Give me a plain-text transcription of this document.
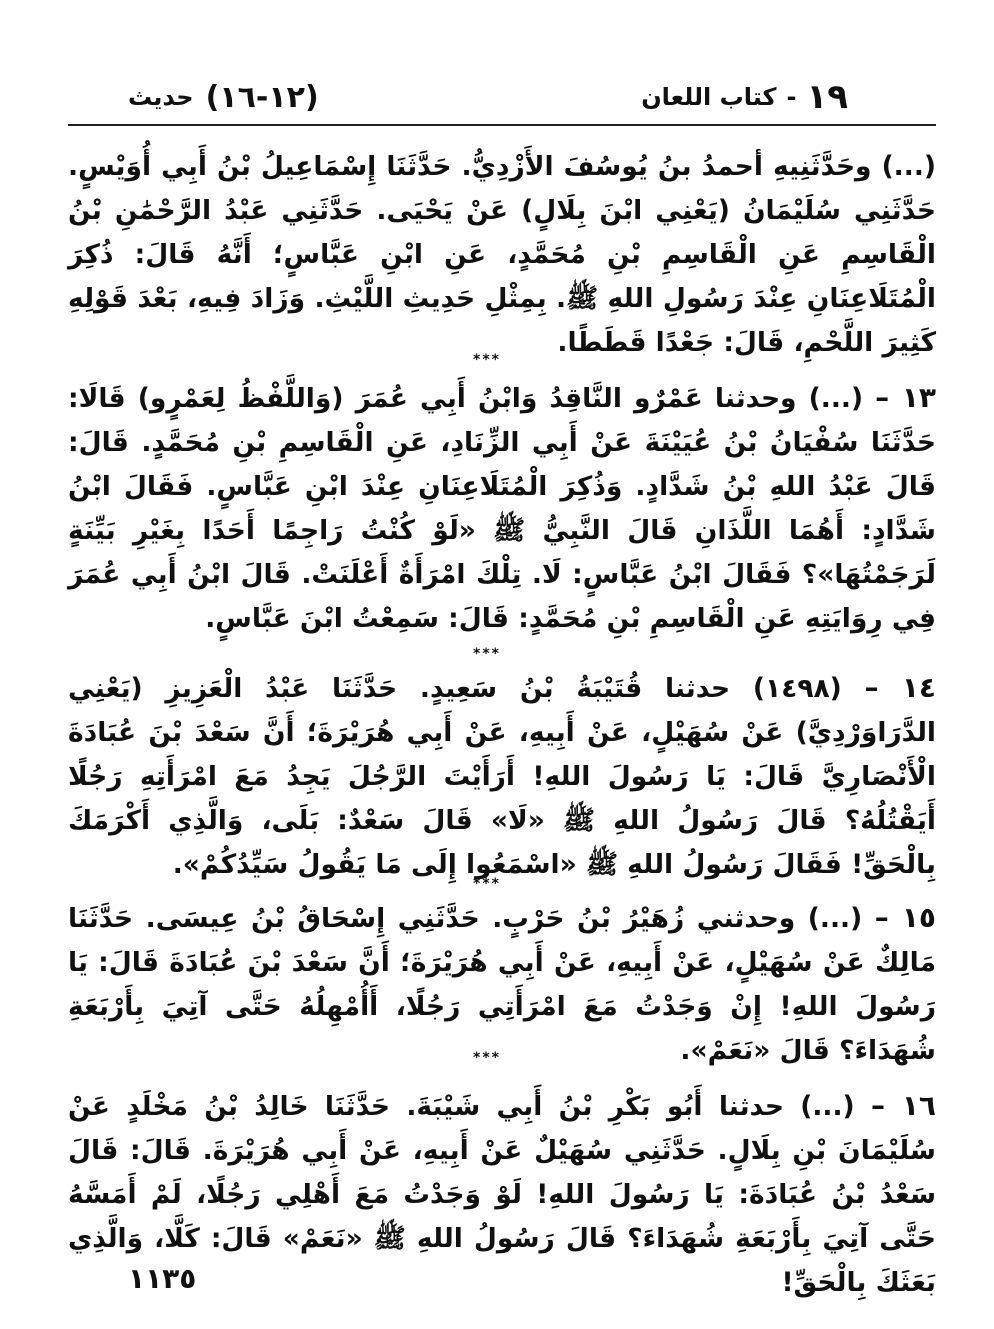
١٩
-
كتاب اللعان
(١٢-١٦)
حديث

(...) وحَدَّثَنِيهِ أحمدُ بنُ يُوسُفَ الأَزْدِيُّ. حَدَّثَنَا إِسْمَاعِيلُ بْنُ أَبِي أُوَيْسٍ. حَدَّثَنِي سُلَيْمَانُ (يَعْنِي ابْنَ بِلَالٍ) عَنْ يَحْيَى. حَدَّثَنِي عَبْدُ الرَّحْمَٰنِ بْنُ الْقَاسِمِ عَنِ الْقَاسِمِ بْنِ مُحَمَّدٍ، عَنِ ابْنِ عَبَّاسٍ؛ أَنَّهُ قَالَ: ذُكِرَ الْمُتَلَاعِنَانِ عِنْدَ رَسُولِ اللهِ ﷺ. بِمِثْلِ حَدِيثِ اللَّيْثِ. وَزَادَ فِيهِ، بَعْدَ قَوْلِهِ كَثِيرَ اللَّحْمِ، قَالَ: جَعْدًا قَطَطًا.

***

١٣ – (...) وحدثنا عَمْرٌو النَّاقِدُ وَابْنُ أَبِي عُمَرَ (وَاللَّفْظُ لِعَمْرٍو) قَالَا: حَدَّثَنَا سُفْيَانُ بْنُ عُيَيْنَةَ عَنْ أَبِي الزِّنَادِ، عَنِ الْقَاسِمِ بْنِ مُحَمَّدٍ. قَالَ: قَالَ عَبْدُ اللهِ بْنُ شَدَّادٍ. وَذُكِرَ الْمُتَلَاعِنَانِ عِنْدَ ابْنِ عَبَّاسٍ. فَقَالَ ابْنُ شَدَّادٍ: أَهُمَا اللَّذَانِ قَالَ النَّبِيُّ ﷺ «لَوْ كُنْتُ رَاجِمًا أَحَدًا بِغَيْرِ بَيِّنَةٍ لَرَجَمْتُهَا»؟ فَقَالَ ابْنُ عَبَّاسٍ: لَا. تِلْكَ امْرَأَةٌ أَعْلَنَتْ. قَالَ ابْنُ أَبِي عُمَرَ فِي رِوَايَتِهِ عَنِ الْقَاسِمِ بْنِ مُحَمَّدٍ: قَالَ: سَمِعْتُ ابْنَ عَبَّاسٍ.

***

١٤ – (١٤٩٨) حدثنا قُتَيْبَةُ بْنُ سَعِيدٍ. حَدَّثَنَا عَبْدُ الْعَزِيزِ (يَعْنِي الدَّرَاوَرْدِيَّ) عَنْ سُهَيْلٍ، عَنْ أَبِيهِ، عَنْ أَبِي هُرَيْرَةَ؛ أَنَّ سَعْدَ بْنَ عُبَادَةَ الْأَنْصَارِيَّ قَالَ: يَا رَسُولَ اللهِ! أَرَأَيْتَ الرَّجُلَ يَجِدُ مَعَ امْرَأَتِهِ رَجُلًا أَيَقْتُلُهُ؟ قَالَ رَسُولُ اللهِ ﷺ «لَا» قَالَ سَعْدٌ: بَلَى، وَالَّذِي أَكْرَمَكَ بِالْحَقِّ! فَقَالَ رَسُولُ اللهِ ﷺ «اسْمَعُوا إِلَى مَا يَقُولُ سَيِّدُكُمْ».

***

١٥ – (...) وحدثني زُهَيْرُ بْنُ حَرْبٍ. حَدَّثَنِي إِسْحَاقُ بْنُ عِيسَى. حَدَّثَنَا مَالِكٌ عَنْ سُهَيْلٍ، عَنْ أَبِيهِ، عَنْ أَبِي هُرَيْرَةَ؛ أَنَّ سَعْدَ بْنَ عُبَادَةَ قَالَ: يَا رَسُولَ اللهِ! إِنْ وَجَدْتُ مَعَ امْرَأَتِي رَجُلًا، أَأُمْهِلُهُ حَتَّى آتِيَ بِأَرْبَعَةِ شُهَدَاءَ؟ قَالَ «نَعَمْ».

***

١٦ – (...) حدثنا أَبُو بَكْرِ بْنُ أَبِي شَيْبَةَ. حَدَّثَنَا خَالِدُ بْنُ مَخْلَدٍ عَنْ سُلَيْمَانَ بْنِ بِلَالٍ. حَدَّثَنِي سُهَيْلٌ عَنْ أَبِيهِ، عَنْ أَبِي هُرَيْرَةَ. قَالَ: قَالَ سَعْدُ بْنُ عُبَادَةَ: يَا رَسُولَ اللهِ! لَوْ وَجَدْتُ مَعَ أَهْلِي رَجُلًا، لَمْ أَمَسَّهُ حَتَّى آتِيَ بِأَرْبَعَةِ شُهَدَاءَ؟ قَالَ رَسُولُ اللهِ ﷺ «نَعَمْ» قَالَ: كَلَّا، وَالَّذِي بَعَثَكَ بِالْحَقِّ!

١١٣٥
